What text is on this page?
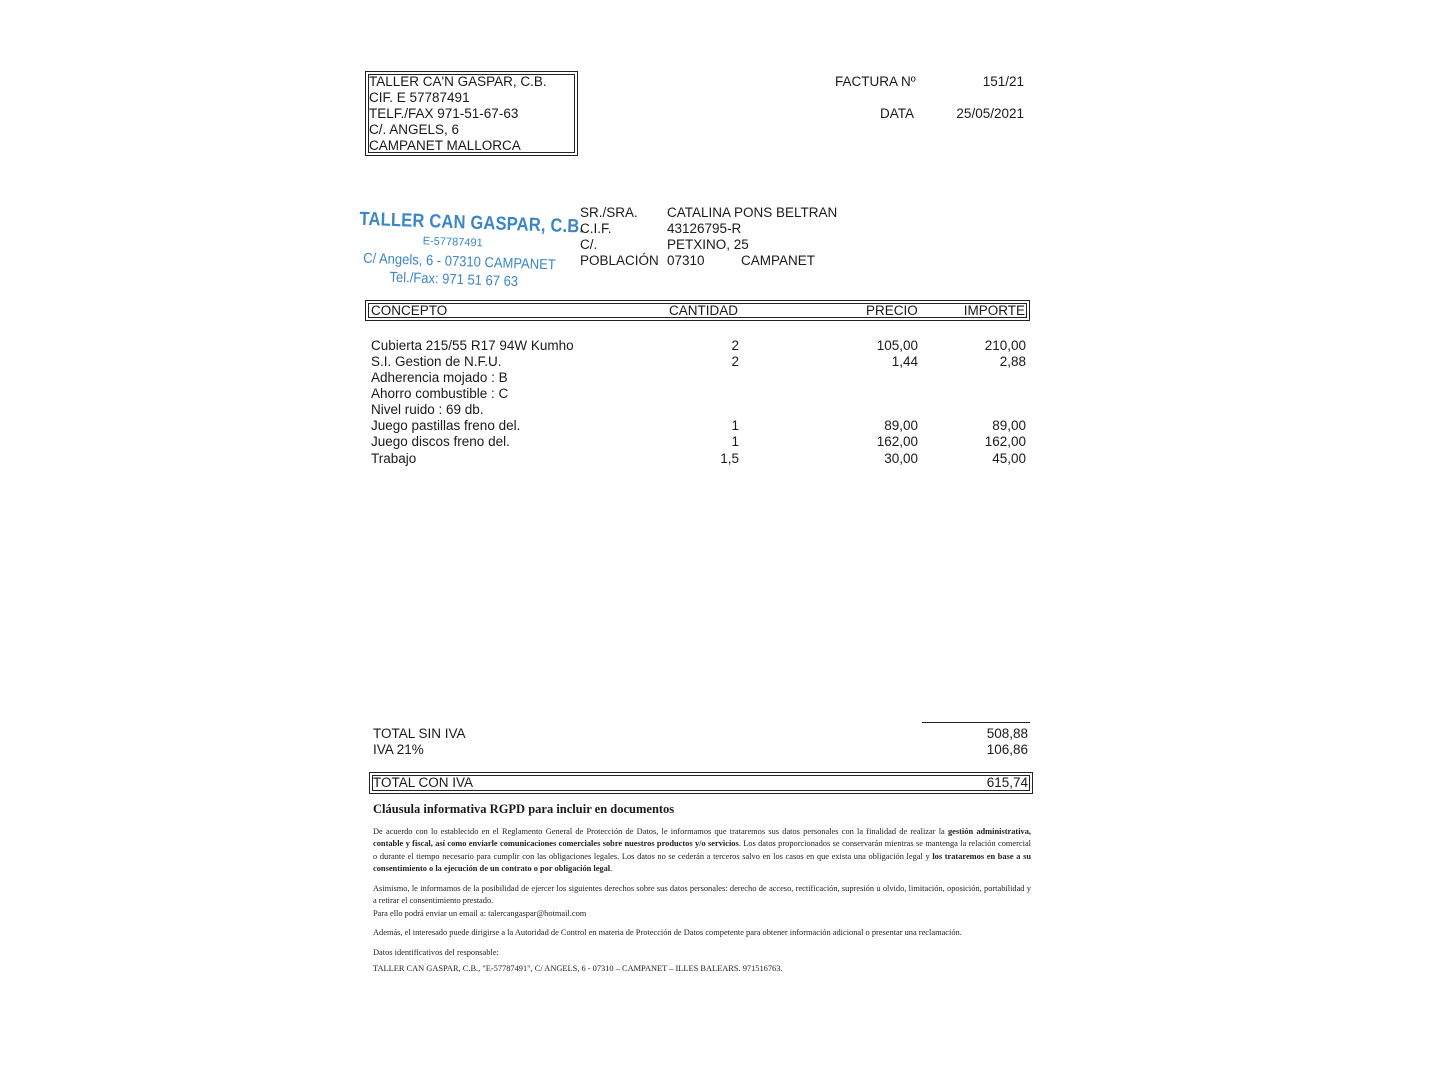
TALLER CA'N GASPAR, C.B.
CIF. E 57787491
TELF./FAX 971-51-67-63
C/. ANGELS, 6
CAMPANET MALLORCA
FACTURA Nº	151/21
DATA	25/05/2021
TALLER CAN GASPAR, C.B.
E-57787491
C/ Angels, 6 - 07310 CAMPANET
Tel./Fax: 971 51 67 63
SR./SRA. CATALINA PONS BELTRAN
C.I.F.	43126795-R
C/.	PETXINO, 25
POBLACIÓN 07310	CAMPANET
CONCEPTO	CANTIDAD	PRECIO	IMPORTE
Cubierta 215/55 R17 94W Kumho	2	105,00	210,00
S.I. Gestion de N.F.U.	2	1,44	2,88
Adherencia mojado : B
Ahorro combustible : C
Nivel ruido : 69 db.
Juego pastillas freno del.	1	89,00	89,00
Juego discos freno del.	1	162,00	162,00
Trabajo	1,5	30,00	45,00
TOTAL SIN IVA	508,88
IVA 21%	106,86
TOTAL CON IVA	615,74
Cláusula informativa RGPD para incluir en documentos
De acuerdo con lo establecido en el Reglamento General de Protección de Datos, le informamos que trataremos sus datos personales con la finalidad de realizar la gestión administrativa, contable y fiscal, así como enviarle comunicaciones comerciales sobre nuestros productos y/o servicios. Los datos proporcionados se conservarán mientras se mantenga la relación comercial o durante el tiempo necesario para cumplir con las obligaciones legales. Los datos no se cederán a terceros salvo en los casos en que exista una obligación legal y los trataremos en base a su consentimiento o la ejecución de un contrato o por obligación legal.
Asimismo, le informamos de la posibilidad de ejercer los siguientes derechos sobre sus datos personales: derecho de acceso, rectificación, supresión u olvido, limitación, oposición, portabilidad y a retirar el consentimiento prestado.
Para ello podrá enviar un email a: talercangaspar@hotmail.com
Además, el interesado puede dirigirse a la Autoridad de Control en materia de Protección de Datos competente para obtener información adicional o presentar una reclamación.
Datos identificativos del responsable:
TALLER CAN GASPAR, C.B., "E-57787491", C/ ANGELS, 6 - 07310 – CAMPANET – ILLES BALEARS. 971516763.
